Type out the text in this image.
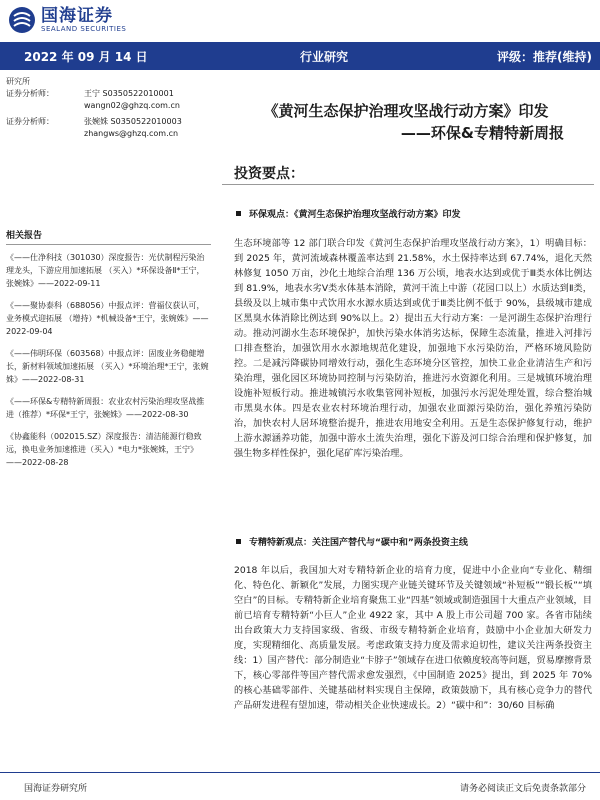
国海证券
SEALAND SECURITIES
2022 年 09 月 14 日	行业研究	评级：推荐(维持)
研究所
证券分析师：	王宁 S0350522010001
wangn02@ghzq.com.cn
证券分析师：	张婉姝 S0350522010003
zhangws@ghzq.com.cn
相关报告
《——仕净科技（301030）深度报告：光伏制程污染治理龙头，下游应用加速拓展 （买入）*环保设备Ⅱ*王宁，张婉姝》——2022-09-11
《——聚协泰科（688056）中报点评：营福仪获认可，业务模式迎拓展 （增持）*机械设备*王宁，张婉姝》——2022-09-04
《——伟明环保（603568）中报点评：固废业务稳健增长，新材料领域加速拓展 （买入）*环境治理*王宁，张婉姝》——2022-08-31
《——环保&专精特新周报：农业农村污染治理攻坚战推进（推荐）*环保*王宁，张婉姝》——2022-08-30
《协鑫能科（002015.SZ）深度报告：清洁能源行稳致远，换电业务加速推进（买入）*电力*张婉姝，王宁》——2022-08-28
《黄河生态保护治理攻坚战行动方案》印发
——环保&专精特新周报
投资要点：
环保观点：《黄河生态保护治理攻坚战行动方案》印发
生态环境部等 12 部门联合印发《黄河生态保护治理攻坚战行动方案》，1）明确目标：到 2025 年，黄河流域森林覆盖率达到 21.58%，水土保持率达到 67.74%，退化天然林修复 1050 万亩，沙化土地综合治理 136 万公顷，地表水达到或优于Ⅲ类水体比例达到 81.9%，地表水劣Ⅴ类水体基本消除，黄河干流上中游（花园口以上）水质达到Ⅱ类，县级及以上城市集中式饮用水水源水质达到或优于Ⅲ类比例不低于 90%，县级城市建成区黑臭水体消除比例达到 90%以上。2）提出五大行动方案：一是河湖生态保护治理行动。推动河湖水生态环境保护，加快污染水体消劣达标，保障生态流量，推进入河排污口排查整治，加强饮用水水源地规范化建设，加强地下水污染防治，严格环境风险防控。二是减污降碳协同增效行动，强化生态环境分区管控，加快工业企业清洁生产和污染治理，强化园区环境协同控制与污染防治，推进污水资源化利用。三是城镇环境治理设施补短板行动。推进城镇污水收集管网补短板，加强污水污泥处理处置，综合整治城市黑臭水体。四是农业农村环境治理行动，加强农业面源污染防治，强化养殖污染防治，加快农村人居环境整治提升，推进农用地安全利用。五是生态保护修复行动，维护上游水源涵养功能，加强中游水土流失治理，强化下游及河口综合治理和保护修复，加强生物多样性保护，强化尾矿库污染治理。
专精特新观点：关注国产替代与“碳中和”两条投资主线
2018 年以后，我国加大对专精特新企业的培育力度，促进中小企业向“专业化、精细化、特色化、新颖化”发展，力图实现产业链关键环节及关键领域“补短板”“锻长板”“填空白”的目标。专精特新企业培育聚焦工业“四基”领域或制造强国十大重点产业领域，目前已培育专精特新“小巨人”企业 4922 家，其中 A 股上市公司超 700 家。各省市陆续出台政策大力支持国家级、省级、市级专精特新企业培育，鼓励中小企业加大研发力度，实现精细化、高质量发展。考虑政策支持力度及需求迫切性，建议关注两条投资主线：1）国产替代：部分制造业“卡脖子”领域存在进口依赖度较高等问题，贸易摩擦背景下，核心零部件等国产替代需求愈发强烈，《中国制造 2025》提出，到 2025 年 70%的核心基础零部件、关键基础材料实现自主保障，政策鼓励下，具有核心竞争力的替代产品研发进程有望加速，带动相关企业快速成长。2）“碳中和”：30/60 目标确
国海证券研究所	请务必阅读正文后免责条款部分
